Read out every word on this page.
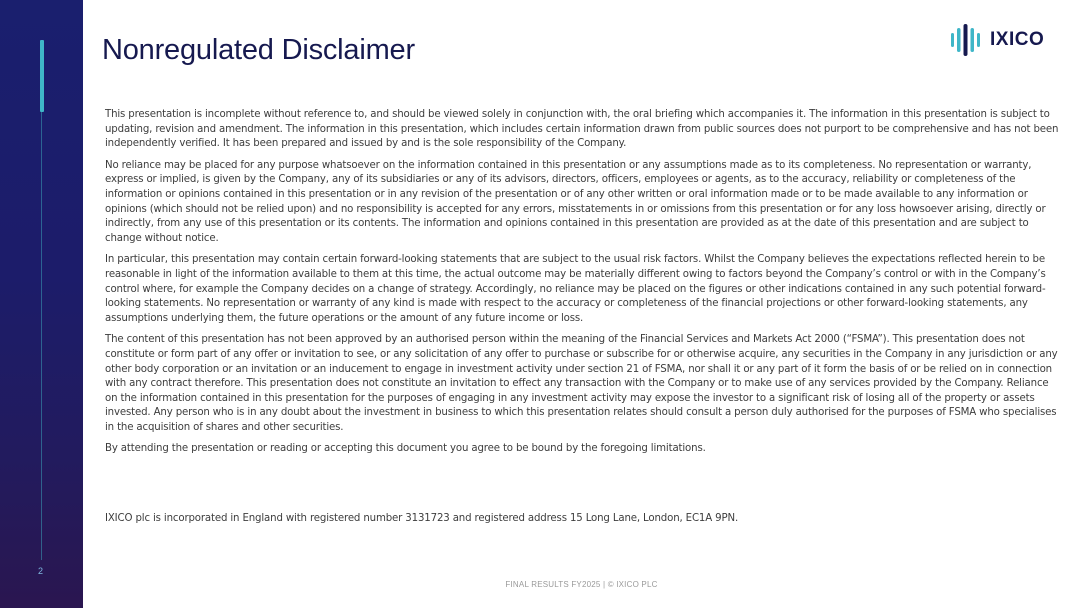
2
Nonregulated Disclaimer	IXICO

This presentation is incomplete without reference to, and should be viewed solely in conjunction with, the oral briefing which accompanies it. The information in this presentation is subject to updating, revision and amendment. The information in this presentation, which includes certain information drawn from public sources does not purport to be comprehensive and has not been independently verified. It has been prepared and issued by and is the sole responsibility of the Company.

No reliance may be placed for any purpose whatsoever on the information contained in this presentation or any assumptions made as to its completeness. No representation or warranty, express or implied, is given by the Company, any of its subsidiaries or any of its advisors, directors, officers, employees or agents, as to the accuracy, reliability or completeness of the information or opinions contained in this presentation or in any revision of the presentation or of any other written or oral information made or to be made available to any information or opinions (which should not be relied upon) and no responsibility is accepted for any errors, misstatements in or omissions from this presentation or for any loss howsoever arising, directly or indirectly, from any use of this presentation or its contents. The information and opinions contained in this presentation are provided as at the date of this presentation and are subject to change without notice.

In particular, this presentation may contain certain forward-looking statements that are subject to the usual risk factors. Whilst the Company believes the expectations reflected herein to be reasonable in light of the information available to them at this time, the actual outcome may be materially different owing to factors beyond the Company’s control or with in the Company’s control where, for example the Company decides on a change of strategy. Accordingly, no reliance may be placed on the figures or other indications contained in any such potential forward-looking statements. No representation or warranty of any kind is made with respect to the accuracy or completeness of the financial projections or other forward-looking statements, any assumptions underlying them, the future operations or the amount of any future income or loss.

The content of this presentation has not been approved by an authorised person within the meaning of the Financial Services and Markets Act 2000 (“FSMA”). This presentation does not constitute or form part of any offer or invitation to see, or any solicitation of any offer to purchase or subscribe for or otherwise acquire, any securities in the Company in any jurisdiction or any other body corporation or an invitation or an inducement to engage in investment activity under section 21 of FSMA, nor shall it or any part of it form the basis of or be relied on in connection with any contract therefore. This presentation does not constitute an invitation to effect any transaction with the Company or to make use of any services provided by the Company. Reliance on the information contained in this presentation for the purposes of engaging in any investment activity may expose the investor to a significant risk of losing all of the property or assets invested. Any person who is in any doubt about the investment in business to which this presentation relates should consult a person duly authorised for the purposes of FSMA who specialises in the acquisition of shares and other securities.

By attending the presentation or reading or accepting this document you agree to be bound by the foregoing limitations.

IXICO plc is incorporated in England with registered number 3131723 and registered address 15 Long Lane, London, EC1A 9PN.
FINAL RESULTS FY2025 | © IXICO PLC
